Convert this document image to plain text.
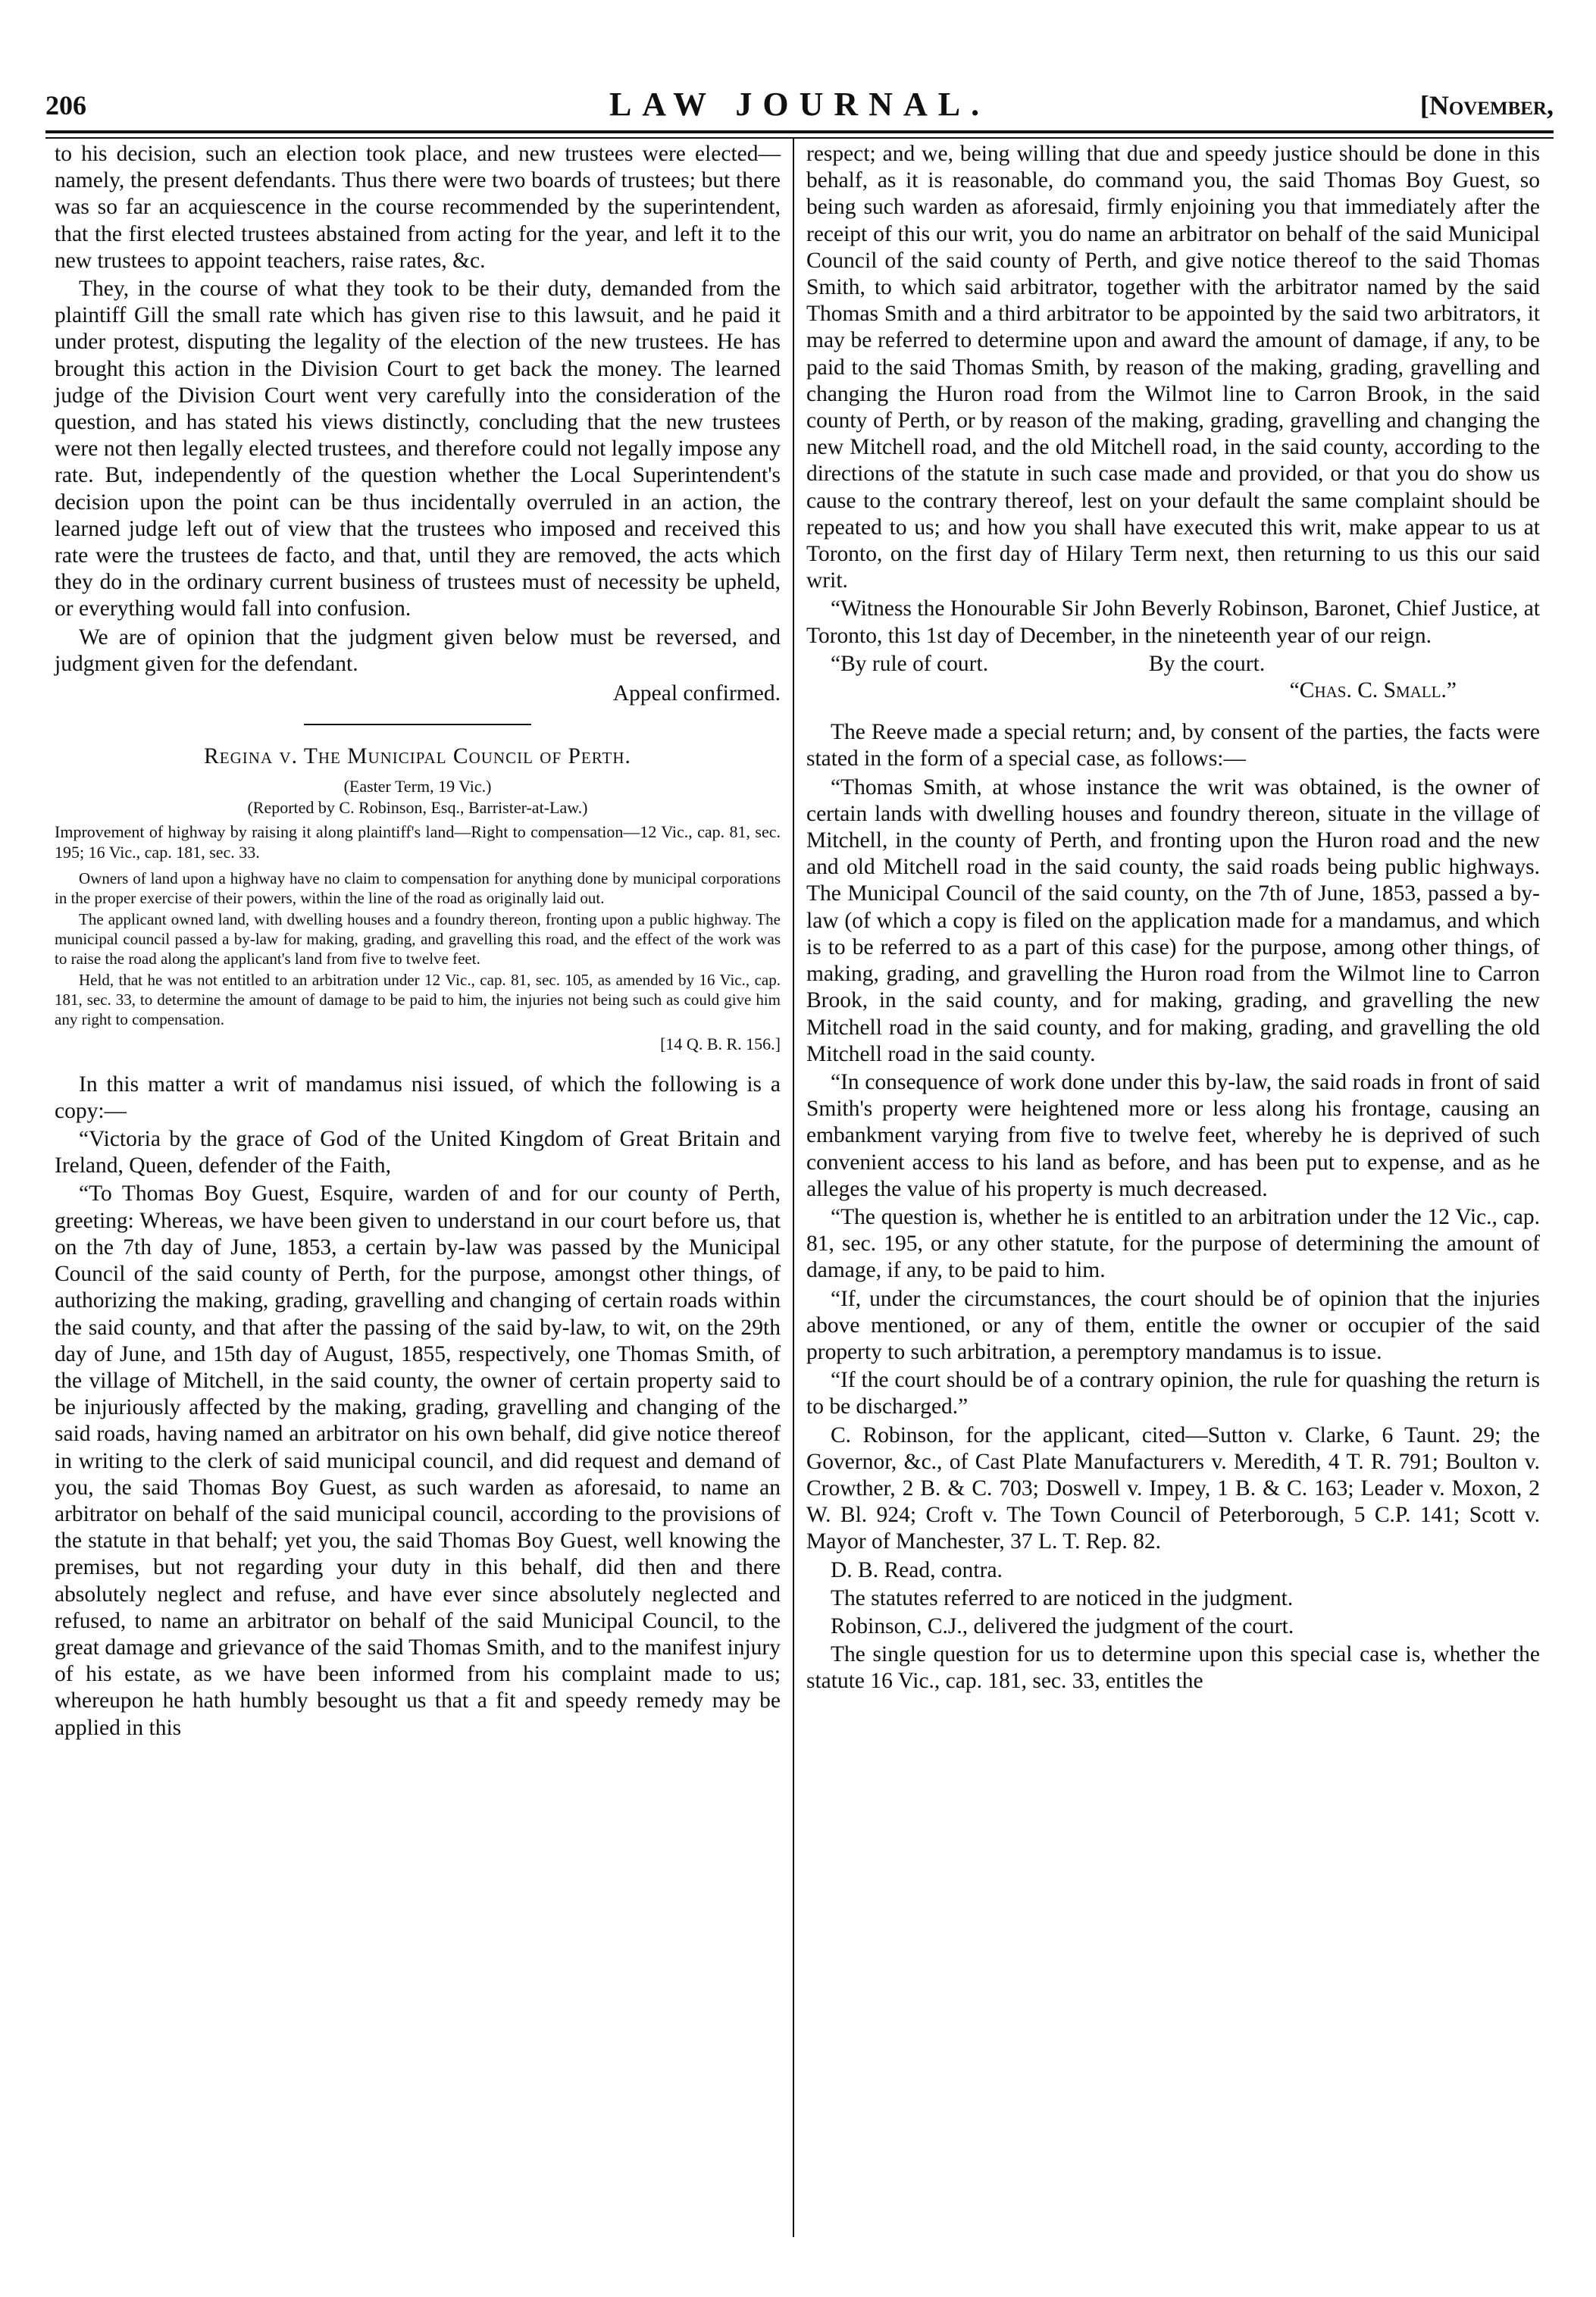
206	LAW JOURNAL.	[November,

to his decision, such an election took place, and new trustees were elected—namely, the present defendants. Thus there were two boards of trustees; but there was so far an acquiescence in the course recommended by the superintendent, that the first elected trustees abstained from acting for the year, and left it to the new trustees to appoint teachers, raise rates, &c.

They, in the course of what they took to be their duty, demanded from the plaintiff Gill the small rate which has given rise to this lawsuit, and he paid it under protest, disputing the legality of the election of the new trustees. He has brought this action in the Division Court to get back the money. The learned judge of the Division Court went very carefully into the consideration of the question, and has stated his views distinctly, concluding that the new trustees were not then legally elected trustees, and therefore could not legally impose any rate. But, independently of the question whether the Local Superintendent's decision upon the point can be thus incidentally overruled in an action, the learned judge left out of view that the trustees who imposed and received this rate were the trustees de facto, and that, until they are removed, the acts which they do in the ordinary current business of trustees must of necessity be upheld, or everything would fall into confusion.

We are of opinion that the judgment given below must be reversed, and judgment given for the defendant.

Appeal confirmed.

Regina v. The Municipal Council of Perth.

(Easter Term, 19 Vic.)

(Reported by C. Robinson, Esq., Barrister-at-Law.)

Improvement of highway by raising it along plaintiff's land—Right to compensation—12 Vic., cap. 81, sec. 195; 16 Vic., cap. 181, sec. 33.

Owners of land upon a highway have no claim to compensation for anything done by municipal corporations in the proper exercise of their powers, within the line of the road as originally laid out.

The applicant owned land, with dwelling houses and a foundry thereon, fronting upon a public highway. The municipal council passed a by-law for making, grading, and gravelling this road, and the effect of the work was to raise the road along the applicant's land from five to twelve feet.

Held, that he was not entitled to an arbitration under 12 Vic., cap. 81, sec. 105, as amended by 16 Vic., cap. 181, sec. 33, to determine the amount of damage to be paid to him, the injuries not being such as could give him any right to compensation.

[14 Q. B. R. 156.]

In this matter a writ of mandamus nisi issued, of which the following is a copy:—

“Victoria by the grace of God of the United Kingdom of Great Britain and Ireland, Queen, defender of the Faith,

“To Thomas Boy Guest, Esquire, warden of and for our county of Perth, greeting: Whereas, we have been given to understand in our court before us, that on the 7th day of June, 1853, a certain by-law was passed by the Municipal Council of the said county of Perth, for the purpose, amongst other things, of authorizing the making, grading, gravelling and changing of certain roads within the said county, and that after the passing of the said by-law, to wit, on the 29th day of June, and 15th day of August, 1855, respectively, one Thomas Smith, of the village of Mitchell, in the said county, the owner of certain property said to be injuriously affected by the making, grading, gravelling and changing of the said roads, having named an arbitrator on his own behalf, did give notice thereof in writing to the clerk of said municipal council, and did request and demand of you, the said Thomas Boy Guest, as such warden as aforesaid, to name an arbitrator on behalf of the said municipal council, according to the provisions of the statute in that behalf; yet you, the said Thomas Boy Guest, well knowing the premises, but not regarding your duty in this behalf, did then and there absolutely neglect and refuse, and have ever since absolutely neglected and refused, to name an arbitrator on behalf of the said Municipal Council, to the great damage and grievance of the said Thomas Smith, and to the manifest injury of his estate, as we have been informed from his complaint made to us; whereupon he hath humbly besought us that a fit and speedy remedy may be applied in this

respect; and we, being willing that due and speedy justice should be done in this behalf, as it is reasonable, do command you, the said Thomas Boy Guest, so being such warden as aforesaid, firmly enjoining you that immediately after the receipt of this our writ, you do name an arbitrator on behalf of the said Municipal Council of the said county of Perth, and give notice thereof to the said Thomas Smith, to which said arbitrator, together with the arbitrator named by the said Thomas Smith and a third arbitrator to be appointed by the said two arbitrators, it may be referred to determine upon and award the amount of damage, if any, to be paid to the said Thomas Smith, by reason of the making, grading, gravelling and changing the Huron road from the Wilmot line to Carron Brook, in the said county of Perth, or by reason of the making, grading, gravelling and changing the new Mitchell road, and the old Mitchell road, in the said county, according to the directions of the statute in such case made and provided, or that you do show us cause to the contrary thereof, lest on your default the same complaint should be repeated to us; and how you shall have executed this writ, make appear to us at Toronto, on the first day of Hilary Term next, then returning to us this our said writ.

“Witness the Honourable Sir John Beverly Robinson, Baronet, Chief Justice, at Toronto, this 1st day of December, in the nineteenth year of our reign.

“By rule of court.	By the court.

“Chas. C. Small.”

The Reeve made a special return; and, by consent of the parties, the facts were stated in the form of a special case, as follows:—

“Thomas Smith, at whose instance the writ was obtained, is the owner of certain lands with dwelling houses and foundry thereon, situate in the village of Mitchell, in the county of Perth, and fronting upon the Huron road and the new and old Mitchell road in the said county, the said roads being public highways. The Municipal Council of the said county, on the 7th of June, 1853, passed a by-law (of which a copy is filed on the application made for a mandamus, and which is to be referred to as a part of this case) for the purpose, among other things, of making, grading, and gravelling the Huron road from the Wilmot line to Carron Brook, in the said county, and for making, grading, and gravelling the new Mitchell road in the said county, and for making, grading, and gravelling the old Mitchell road in the said county.

“In consequence of work done under this by-law, the said roads in front of said Smith's property were heightened more or less along his frontage, causing an embankment varying from five to twelve feet, whereby he is deprived of such convenient access to his land as before, and has been put to expense, and as he alleges the value of his property is much decreased.

“The question is, whether he is entitled to an arbitration under the 12 Vic., cap. 81, sec. 195, or any other statute, for the purpose of determining the amount of damage, if any, to be paid to him.

“If, under the circumstances, the court should be of opinion that the injuries above mentioned, or any of them, entitle the owner or occupier of the said property to such arbitration, a peremptory mandamus is to issue.

“If the court should be of a contrary opinion, the rule for quashing the return is to be discharged.”

C. Robinson, for the applicant, cited—Sutton v. Clarke, 6 Taunt. 29; the Governor, &c., of Cast Plate Manufacturers v. Meredith, 4 T. R. 791; Boulton v. Crowther, 2 B. & C. 703; Doswell v. Impey, 1 B. & C. 163; Leader v. Moxon, 2 W. Bl. 924; Croft v. The Town Council of Peterborough, 5 C.P. 141; Scott v. Mayor of Manchester, 37 L. T. Rep. 82.

D. B. Read, contra.

The statutes referred to are noticed in the judgment.

Robinson, C.J., delivered the judgment of the court.

The single question for us to determine upon this special case is, whether the statute 16 Vic., cap. 181, sec. 33, entitles the
